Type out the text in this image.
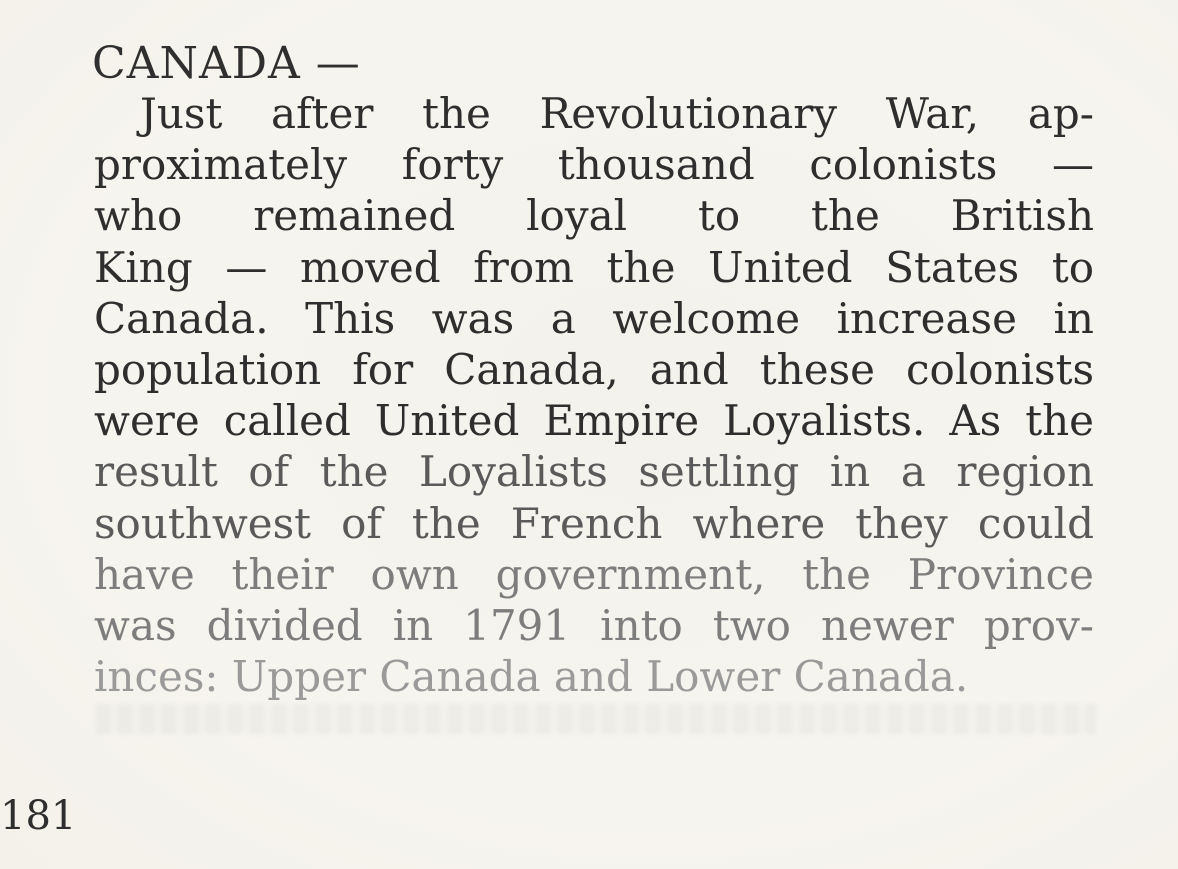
CANADA —
Just after the Revolutionary War, ap-
proximately forty thousand colonists —
who remained loyal to the British
King — moved from the United States to
Canada. This was a welcome increase in
population for Canada, and these colonists
were called United Empire Loyalists. As the
result of the Loyalists settling in a region
southwest of the French where they could
have their own government, the Province
was divided in 1791 into two newer prov-
inces: Upper Canada and Lower Canada.
181
